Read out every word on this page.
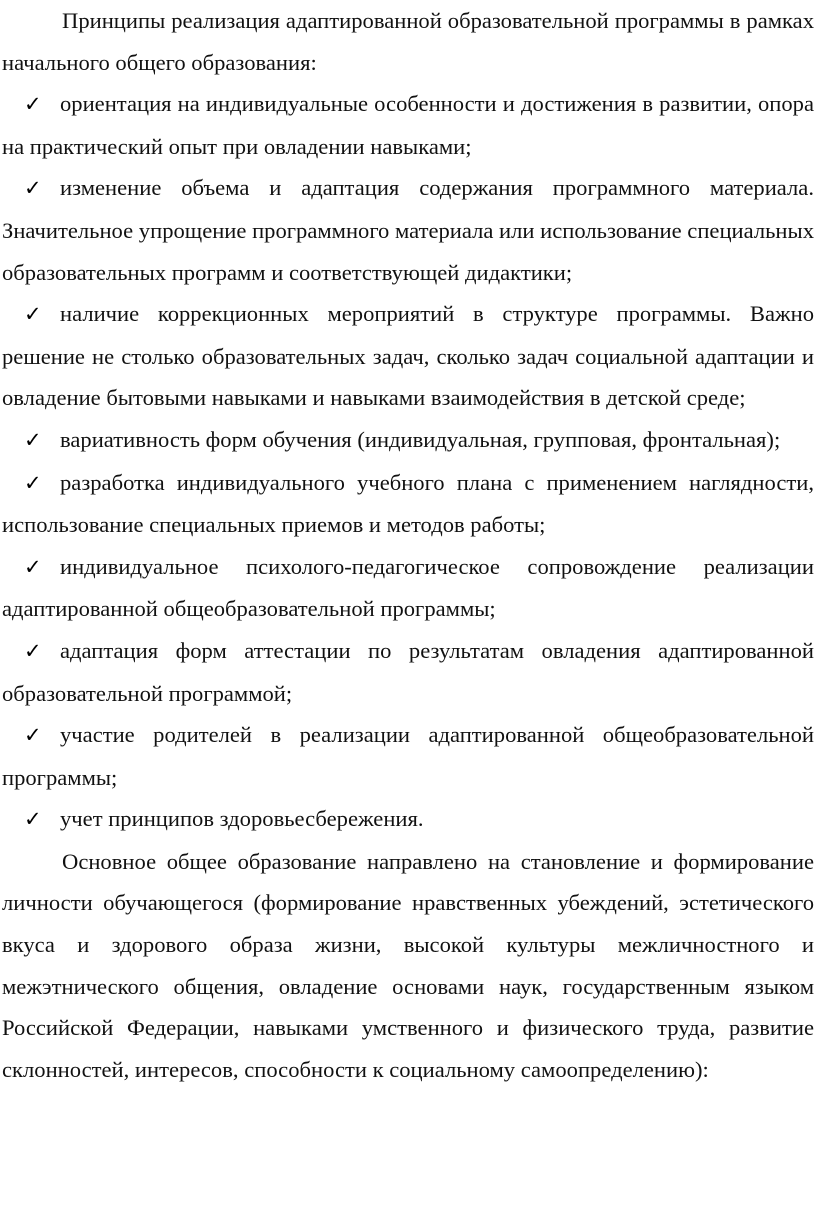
Принципы реализация адаптированной образовательной программы в рамках начального общего образования:

✓ ориентация на индивидуальные особенности и достижения в развитии, опора на практический опыт при овладении навыками;
✓ изменение объема и адаптация содержания программного материала. Значительное упрощение программного материала или использование специальных образовательных программ и соответствующей дидактики;
✓ наличие коррекционных мероприятий в структуре программы. Важно решение не столько образовательных задач, сколько задач социальной адаптации и овладение бытовыми навыками и навыками взаимодействия в детской среде;
✓ вариативность форм обучения (индивидуальная, групповая, фронтальная);
✓ разработка индивидуального учебного плана с применением наглядности, использование специальных приемов и методов работы;
✓ индивидуальное психолого-педагогическое сопровождение реализации адаптированной общеобразовательной программы;
✓ адаптация форм аттестации по результатам овладения адаптированной образовательной программой;
✓ участие родителей в реализации адаптированной общеобразовательной программы;
✓ учет принципов здоровьесбережения.

Основное общее образование направлено на становление и формирование личности обучающегося (формирование нравственных убеждений, эстетического вкуса и здорового образа жизни, высокой культуры межличностного и межэтнического общения, овладение основами наук, государственным языком Российской Федерации, навыками умственного и физического труда, развитие склонностей, интересов, способности к социальному самоопределению):
